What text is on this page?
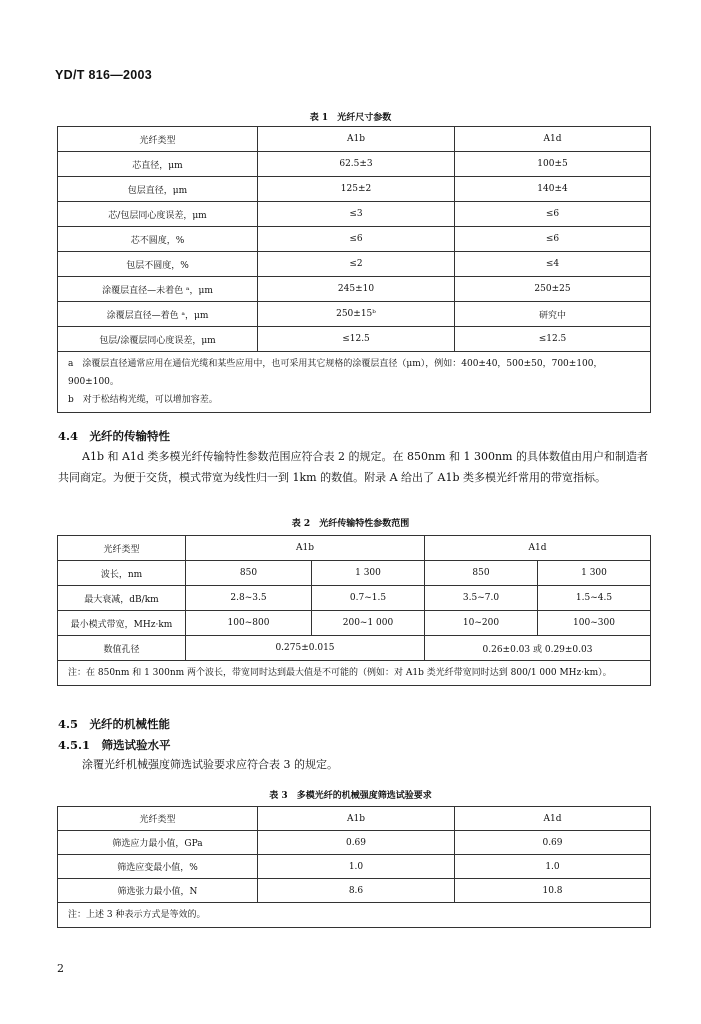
YD/T 816—2003
表 1　光纤尺寸参数
光纤类型	A1b	A1d
芯直径，μm	62.5±3	100±5
包层直径，μm	125±2	140±4
芯/包层同心度误差，μm	≤3	≤6
芯不圆度，%	≤6	≤6
包层不圆度，%	≤2	≤4
涂覆层直径—未着色 ᵃ，μm	245±10	250±25
涂覆层直径—着色 ᵃ，μm	250±15ᵇ	研究中
包层/涂覆层同心度误差，μm	≤12.5	≤12.5

a　涂覆层直径通常应用在通信光缆和某些应用中，也可采用其它规格的涂覆层直径（μm），例如：400±40，500±50，700±100，900±100。

b　对于松结构光缆，可以增加容差。		

4.4　光纤的传输特性

A1b 和 A1d 类多模光纤传输特性参数范围应符合表 2 的规定。在 850nm 和 1 300nm 的具体数值由用户和制造者共同商定。为便于交货，模式带宽为线性归一到 1km 的数值。附录 A 给出了 A1b 类多模光纤常用的带宽指标。

表 2　光纤传输特性参数范围
光纤类型	A1b		A1d	
波长，nm	850	1 300	850	1 300
最大衰减，dB/km	2.8~3.5	0.7~1.5	3.5~7.0	1.5~4.5
最小模式带宽，MHz·km	100~800	200~1 000	10~200	100~300
数值孔径	0.275±0.015		0.26±0.03 或 0.29±0.03	

注：在 850nm 和 1 300nm 两个波长，带宽同时达到最大值是不可能的（例如：对 A1b 类光纤带宽同时达到 800/1 000 MHz·km）。				

4.5　光纤的机械性能
4.5.1　筛选试验水平

涂覆光纤机械强度筛选试验要求应符合表 3 的规定。

表 3　多模光纤的机械强度筛选试验要求
光纤类型	A1b	A1d
筛选应力最小值，GPa	0.69	0.69
筛选应变最小值，%	1.0	1.0
筛选张力最小值，N	8.6	10.8

注：上述 3 种表示方式是等效的。		

2
